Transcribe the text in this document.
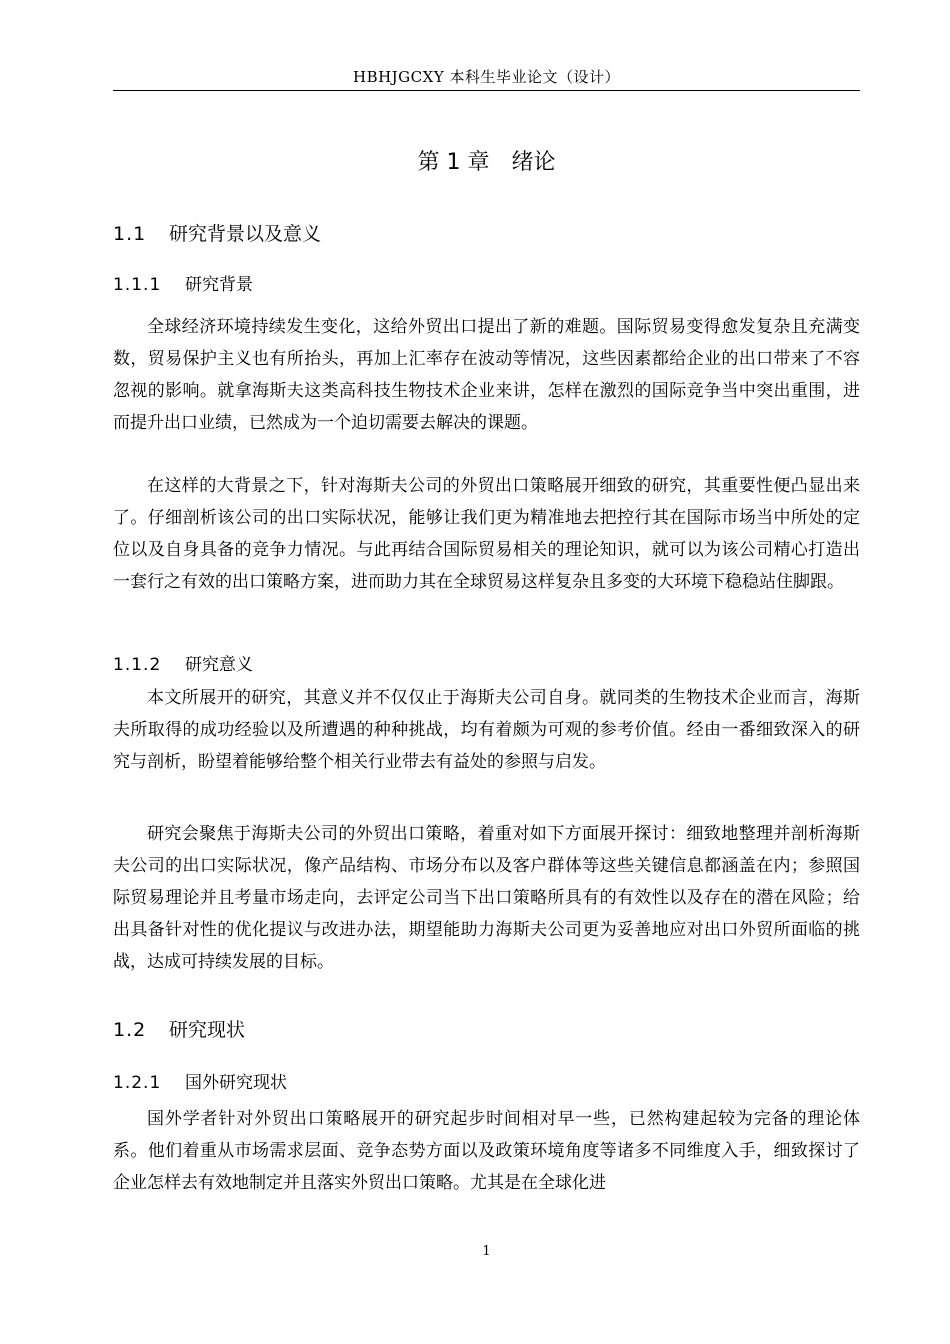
HBHJGCXY 本科生毕业论文（设计）
第 1 章　绪论
1.1 研究背景以及意义
1.1.1 研究背景

全球经济环境持续发生变化，这给外贸出口提出了新的难题。国际贸易变得愈发复杂且充满变数，贸易保护主义也有所抬头，再加上汇率存在波动等情况，这些因素都给企业的出口带来了不容忽视的影响。就拿海斯夫这类高科技生物技术企业来讲，怎样在激烈的国际竞争当中突出重围，进而提升出口业绩，已然成为一个迫切需要去解决的课题。

在这样的大背景之下，针对海斯夫公司的外贸出口策略展开细致的研究，其重要性便凸显出来了。仔细剖析该公司的出口实际状况，能够让我们更为精准地去把控行其在国际市场当中所处的定位以及自身具备的竞争力情况。与此再结合国际贸易相关的理论知识，就可以为该公司精心打造出一套行之有效的出口策略方案，进而助力其在全球贸易这样复杂且多变的大环境下稳稳站住脚跟。

1.1.2 研究意义

本文所展开的研究，其意义并不仅仅止于海斯夫公司自身。就同类的生物技术企业而言，海斯夫所取得的成功经验以及所遭遇的种种挑战，均有着颇为可观的参考价值。经由一番细致深入的研究与剖析，盼望着能够给整个相关行业带去有益处的参照与启发。

研究会聚焦于海斯夫公司的外贸出口策略，着重对如下方面展开探讨：细致地整理并剖析海斯夫公司的出口实际状况，像产品结构、市场分布以及客户群体等这些关键信息都涵盖在内；参照国际贸易理论并且考量市场走向，去评定公司当下出口策略所具有的有效性以及存在的潜在风险；给出具备针对性的优化提议与改进办法，期望能助力海斯夫公司更为妥善地应对出口外贸所面临的挑战，达成可持续发展的目标。

1.2 研究现状
1.2.1 国外研究现状

国外学者针对外贸出口策略展开的研究起步时间相对早一些，已然构建起较为完备的理论体系。他们着重从市场需求层面、竞争态势方面以及政策环境角度等诸多不同维度入手，细致探讨了企业怎样去有效地制定并且落实外贸出口策略。尤其是在全球化进

1
